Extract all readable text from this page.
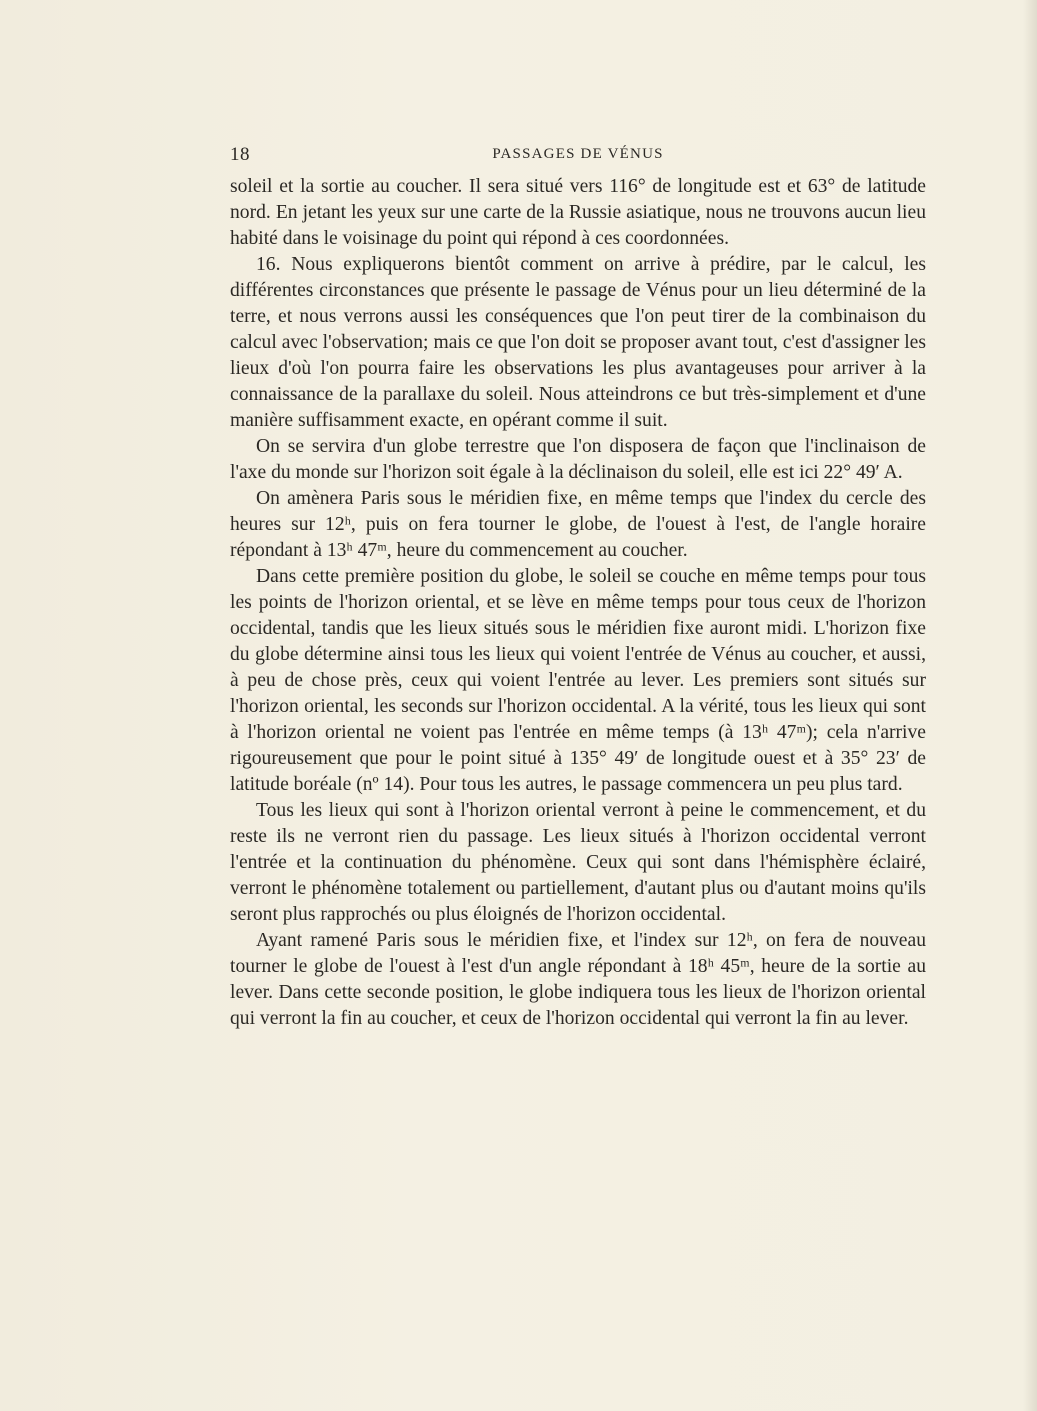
18	PASSAGES DE VÉNUS

soleil et la sortie au coucher. Il sera situé vers 116° de longitude est et 63° de latitude nord. En jetant les yeux sur une carte de la Russie asiatique, nous ne trouvons aucun lieu habité dans le voisinage du point qui répond à ces coordonnées.

16. Nous expliquerons bientôt comment on arrive à prédire, par le calcul, les différentes circonstances que présente le passage de Vénus pour un lieu déterminé de la terre, et nous verrons aussi les conséquences que l'on peut tirer de la combinaison du calcul avec l'observation; mais ce que l'on doit se proposer avant tout, c'est d'assigner les lieux d'où l'on pourra faire les observations les plus avantageuses pour arriver à la connaissance de la parallaxe du soleil. Nous atteindrons ce but très-simplement et d'une manière suffisamment exacte, en opérant comme il suit.

On se servira d'un globe terrestre que l'on disposera de façon que l'inclinaison de l'axe du monde sur l'horizon soit égale à la déclinaison du soleil, elle est ici 22° 49′ A.

On amènera Paris sous le méridien fixe, en même temps que l'index du cercle des heures sur 12ʰ, puis on fera tourner le globe, de l'ouest à l'est, de l'angle horaire répondant à 13ʰ 47ᵐ, heure du commencement au coucher.

Dans cette première position du globe, le soleil se couche en même temps pour tous les points de l'horizon oriental, et se lève en même temps pour tous ceux de l'horizon occidental, tandis que les lieux situés sous le méridien fixe auront midi. L'horizon fixe du globe détermine ainsi tous les lieux qui voient l'entrée de Vénus au coucher, et aussi, à peu de chose près, ceux qui voient l'entrée au lever. Les premiers sont situés sur l'horizon oriental, les seconds sur l'horizon occidental. A la vérité, tous les lieux qui sont à l'horizon oriental ne voient pas l'entrée en même temps (à 13ʰ 47ᵐ); cela n'arrive rigoureusement que pour le point situé à 135° 49′ de longitude ouest et à 35° 23′ de latitude boréale (nº 14). Pour tous les autres, le passage commencera un peu plus tard.

Tous les lieux qui sont à l'horizon oriental verront à peine le commencement, et du reste ils ne verront rien du passage. Les lieux situés à l'horizon occidental verront l'entrée et la continuation du phénomène. Ceux qui sont dans l'hémisphère éclairé, verront le phénomène totalement ou partiellement, d'autant plus ou d'autant moins qu'ils seront plus rapprochés ou plus éloignés de l'horizon occidental.

Ayant ramené Paris sous le méridien fixe, et l'index sur 12ʰ, on fera de nouveau tourner le globe de l'ouest à l'est d'un angle répondant à 18ʰ 45ᵐ, heure de la sortie au lever. Dans cette seconde position, le globe indiquera tous les lieux de l'horizon oriental qui verront la fin au coucher, et ceux de l'horizon occidental qui verront la fin au lever.
